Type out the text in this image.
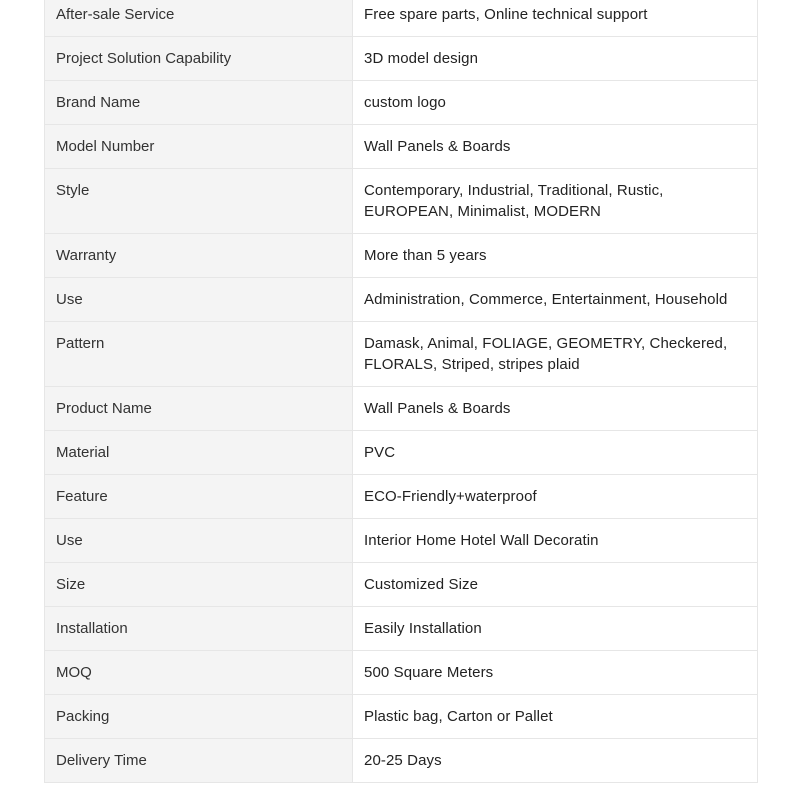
After-sale Service	Free spare parts, Online technical support
Project Solution Capability	3D model design
Brand Name	custom logo
Model Number	Wall Panels & Boards
Style	Contemporary, Industrial, Traditional, Rustic, EUROPEAN, Minimalist, MODERN
Warranty	More than 5 years
Use	Administration, Commerce, Entertainment, Household
Pattern	Damask, Animal, FOLIAGE, GEOMETRY, Checkered, FLORALS, Striped, stripes plaid
Product Name	Wall Panels & Boards
Material	PVC
Feature	ECO-Friendly+waterproof
Use	Interior Home Hotel Wall Decoratin
Size	Customized Size
Installation	Easily Installation
MOQ	500 Square Meters
Packing	Plastic bag, Carton or Pallet
Delivery Time	20-25 Days
